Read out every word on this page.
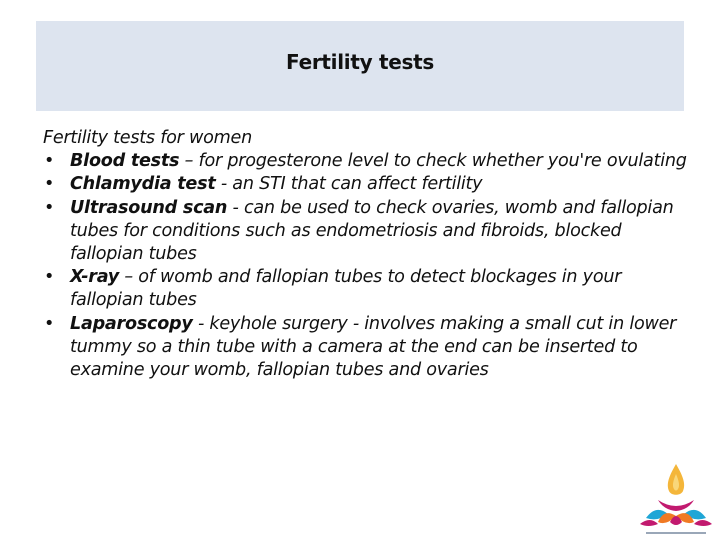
Fertility tests

Fertility tests for women

• Blood tests – for progesterone level to check whether you're ovulating
• Chlamydia test - an STI that can affect fertility
• Ultrasound scan - can be used to check ovaries, womb and fallopian tubes for conditions such as endometriosis and fibroids, blocked fallopian tubes
• X-ray – of womb and fallopian tubes to detect blockages in your fallopian tubes
• Laparoscopy - keyhole surgery - involves making a small cut in lower tummy so a thin tube with a camera at the end can be inserted to examine your womb, fallopian tubes and ovaries
